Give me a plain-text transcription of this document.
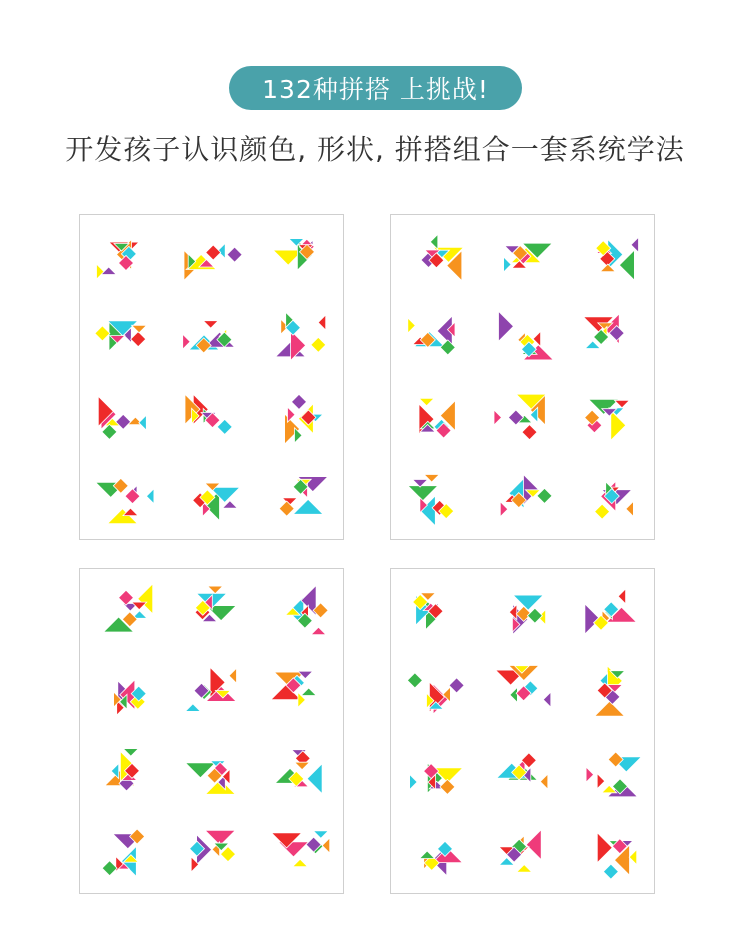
132种拼搭 上挑战!
开发孩子认识颜色, 形状, 拼搭组合一套系统学法
